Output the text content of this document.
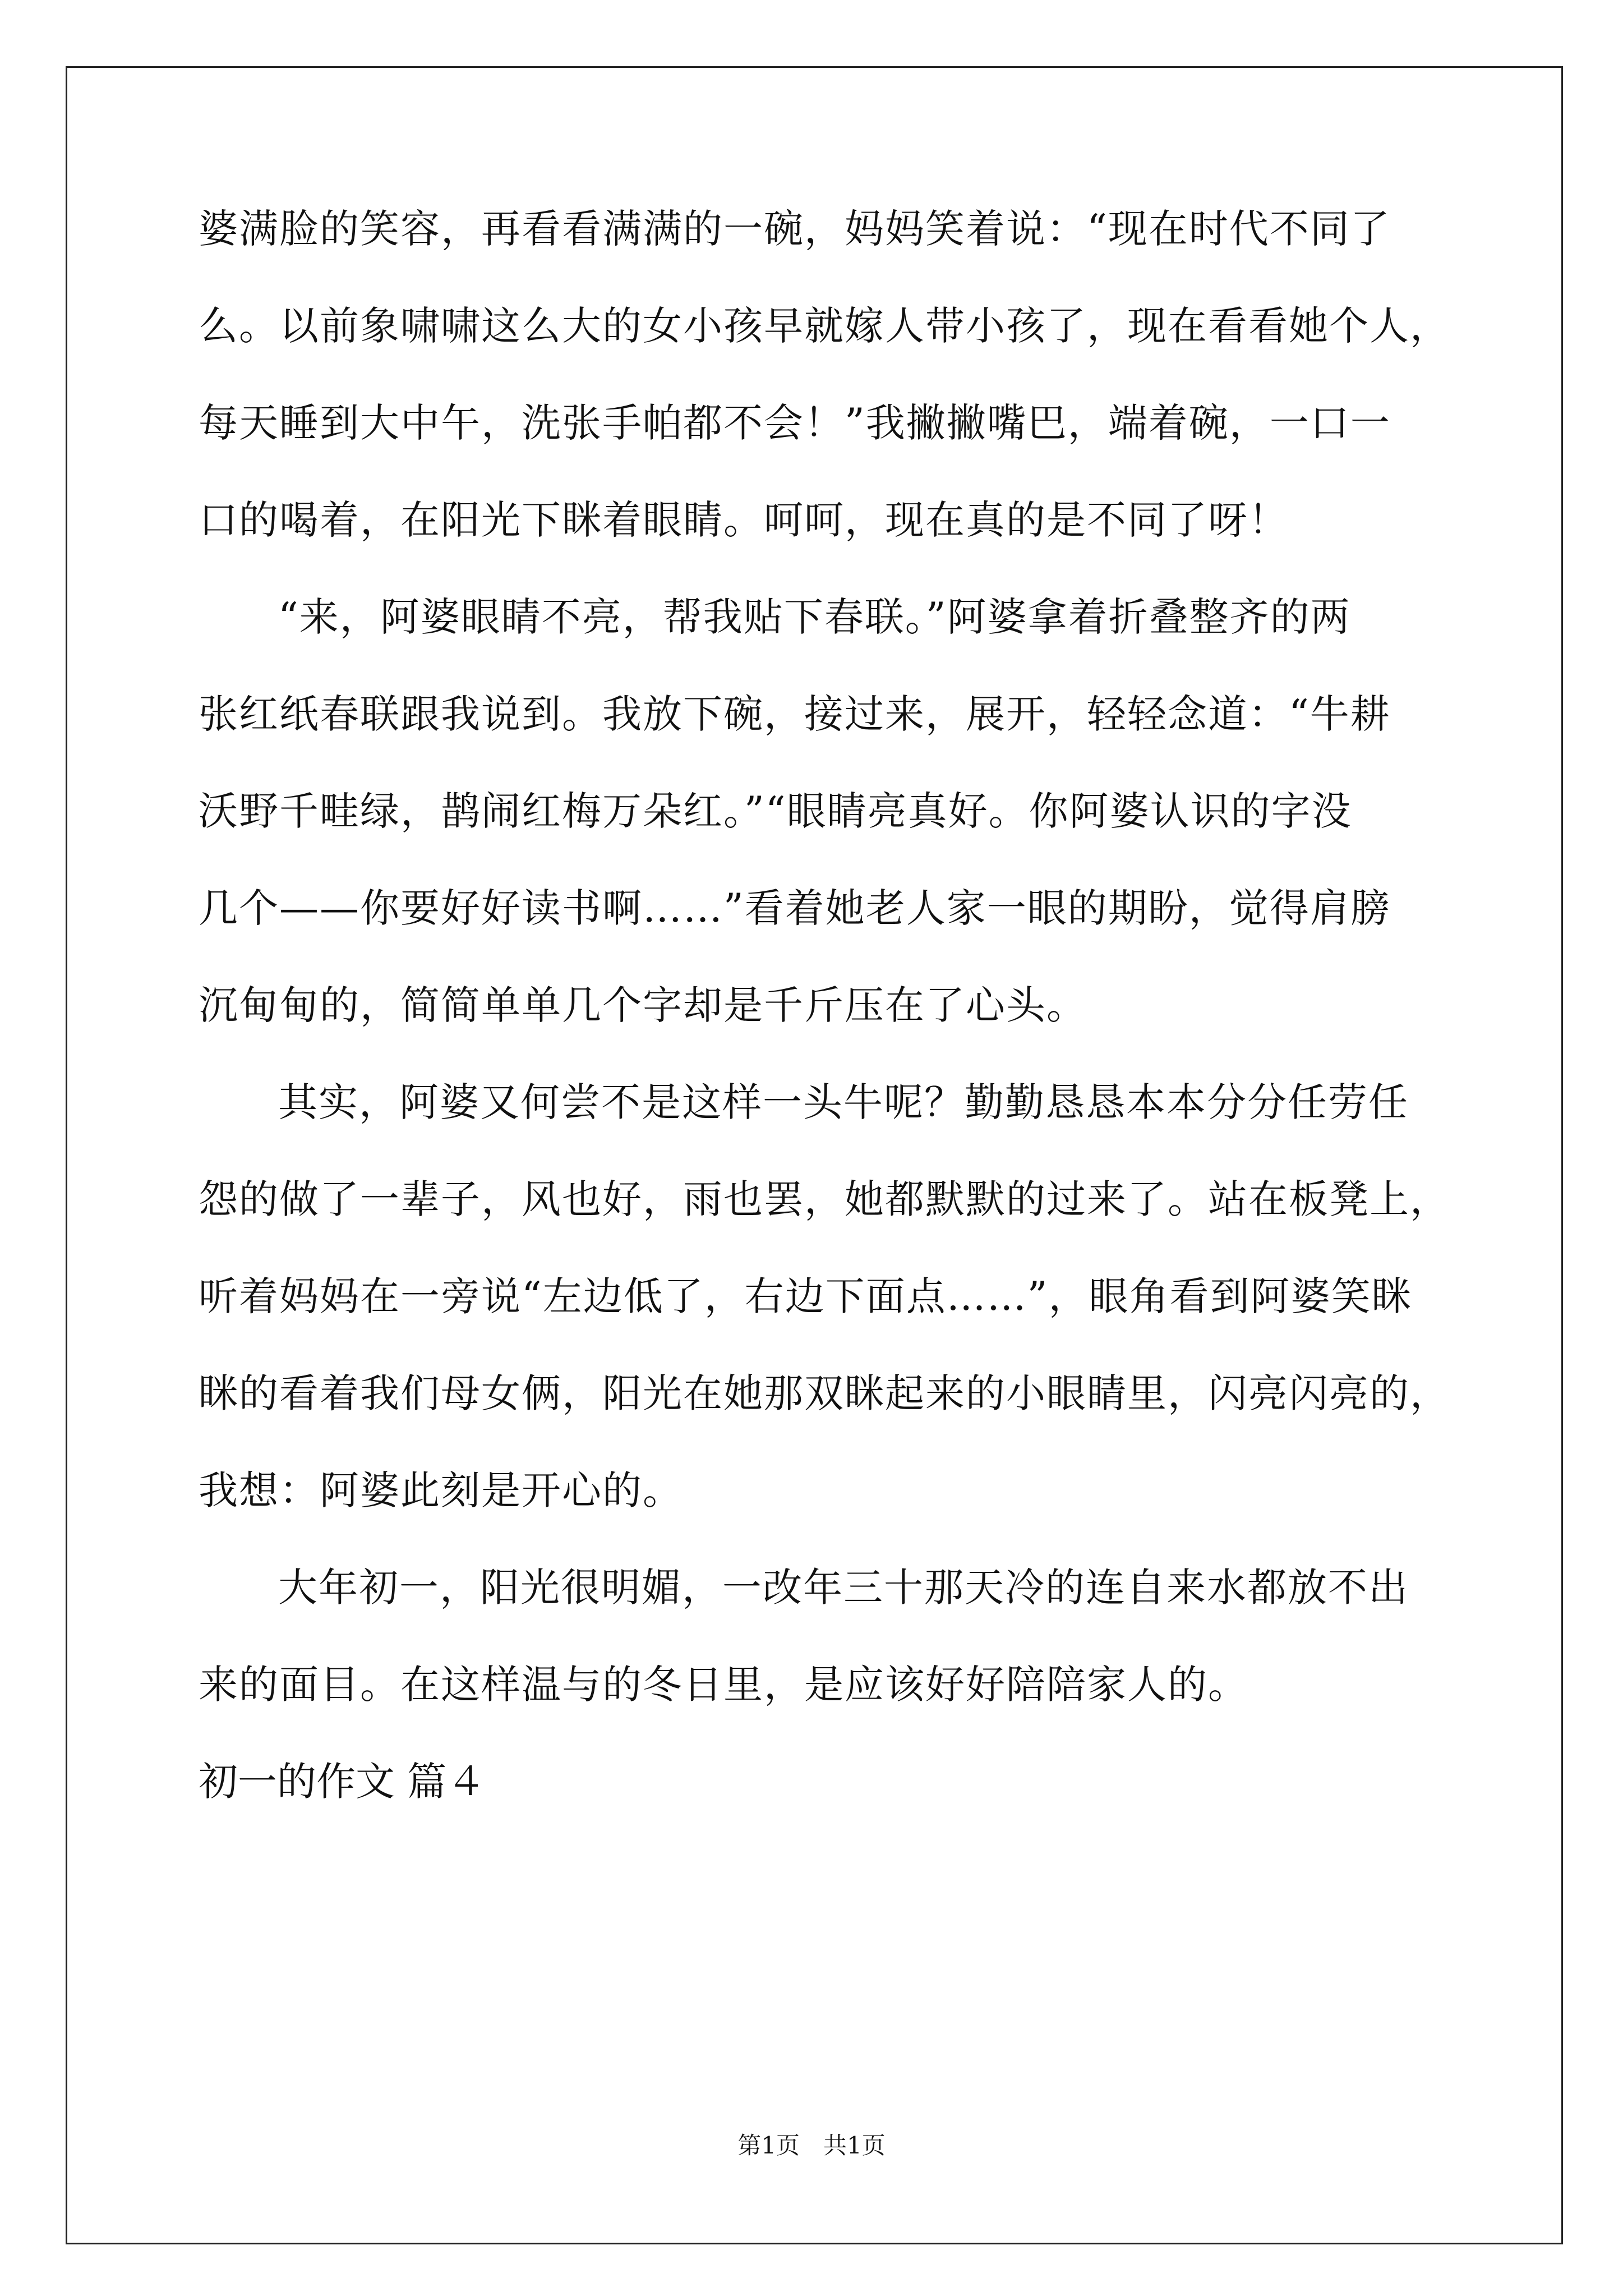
婆满脸的笑容，再看看满满的一碗，妈妈笑着说：“现在时代不同了
么。以前象啸啸这么大的女小孩早就嫁人带小孩了，现在看看她个人，
每天睡到大中午，洗张手帕都不会！”我撇撇嘴巴，端着碗，一口一
口的喝着，在阳光下眯着眼睛。呵呵，现在真的是不同了呀！
“来，阿婆眼睛不亮，帮我贴下春联。”阿婆拿着折叠整齐的两
张红纸春联跟我说到。我放下碗，接过来，展开，轻轻念道：“牛耕
沃野千畦绿，鹊闹红梅万朵红。”“眼睛亮真好。你阿婆认识的字没
几个——你要好好读书啊……”看着她老人家一眼的期盼，觉得肩膀
沉甸甸的，简简单单几个字却是千斤压在了心头。
其实，阿婆又何尝不是这样一头牛呢？勤勤恳恳本本分分任劳任
怨的做了一辈子，风也好，雨也罢，她都默默的过来了。站在板凳上，
听着妈妈在一旁说“左边低了，右边下面点……”，眼角看到阿婆笑眯
眯的看着我们母女俩，阳光在她那双眯起来的小眼睛里，闪亮闪亮的，
我想：阿婆此刻是开心的。
大年初一，阳光很明媚，一改年三十那天冷的连自来水都放不出
来的面目。在这样温与的冬日里，是应该好好陪陪家人的。
初一的作文 篇４
第1页　共1页
